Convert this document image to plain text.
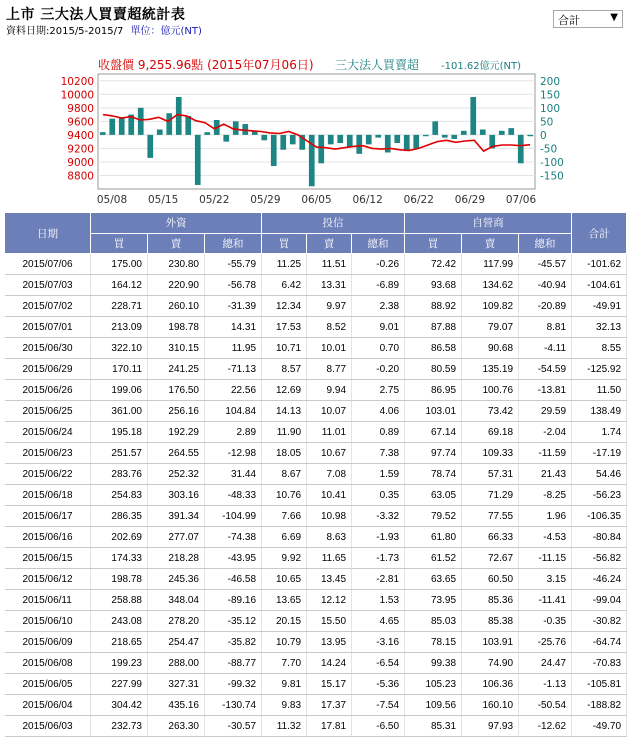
上市 三大法人買賣超統計表
資料日期:2015/5-2015/7 單位：億元(NT)
合計	▼
收盤價 9,255.96點 (2015年07月06日) 三大法人買賣超 -101.62億元(NT)
10200
10000
9800
9600
9400
9200
9000
8800
200
150
100
50
0
-50
-100
-150
05/08 05/15 05/22 05/29 06/05 06/12 06/22 06/29 07/06
日期	外資			投信			自營商			合計
	買	賣	總和	買	賣	總和	買	賣	總和	
2015/07/06	175.00	230.80	-55.79	11.25	11.51	-0.26	72.42	117.99	-45.57	-101.62
2015/07/03	164.12	220.90	-56.78	6.42	13.31	-6.89	93.68	134.62	-40.94	-104.61
2015/07/02	228.71	260.10	-31.39	12.34	9.97	2.38	88.92	109.82	-20.89	-49.91
2015/07/01	213.09	198.78	14.31	17.53	8.52	9.01	87.88	79.07	8.81	32.13
2015/06/30	322.10	310.15	11.95	10.71	10.01	0.70	86.58	90.68	-4.11	8.55
2015/06/29	170.11	241.25	-71.13	8.57	8.77	-0.20	80.59	135.19	-54.59	-125.92
2015/06/26	199.06	176.50	22.56	12.69	9.94	2.75	86.95	100.76	-13.81	11.50
2015/06/25	361.00	256.16	104.84	14.13	10.07	4.06	103.01	73.42	29.59	138.49
2015/06/24	195.18	192.29	2.89	11.90	11.01	0.89	67.14	69.18	-2.04	1.74
2015/06/23	251.57	264.55	-12.98	18.05	10.67	7.38	97.74	109.33	-11.59	-17.19
2015/06/22	283.76	252.32	31.44	8.67	7.08	1.59	78.74	57.31	21.43	54.46
2015/06/18	254.83	303.16	-48.33	10.76	10.41	0.35	63.05	71.29	-8.25	-56.23
2015/06/17	286.35	391.34	-104.99	7.66	10.98	-3.32	79.52	77.55	1.96	-106.35
2015/06/16	202.69	277.07	-74.38	6.69	8.63	-1.93	61.80	66.33	-4.53	-80.84
2015/06/15	174.33	218.28	-43.95	9.92	11.65	-1.73	61.52	72.67	-11.15	-56.82
2015/06/12	198.78	245.36	-46.58	10.65	13.45	-2.81	63.65	60.50	3.15	-46.24
2015/06/11	258.88	348.04	-89.16	13.65	12.12	1.53	73.95	85.36	-11.41	-99.04
2015/06/10	243.08	278.20	-35.12	20.15	15.50	4.65	85.03	85.38	-0.35	-30.82
2015/06/09	218.65	254.47	-35.82	10.79	13.95	-3.16	78.15	103.91	-25.76	-64.74
2015/06/08	199.23	288.00	-88.77	7.70	14.24	-6.54	99.38	74.90	24.47	-70.83
2015/06/05	227.99	327.31	-99.32	9.81	15.17	-5.36	105.23	106.36	-1.13	-105.81
2015/06/04	304.42	435.16	-130.74	9.83	17.37	-7.54	109.56	160.10	-50.54	-188.82
2015/06/03	232.73	263.30	-30.57	11.32	17.81	-6.50	85.31	97.93	-12.62	-49.70
